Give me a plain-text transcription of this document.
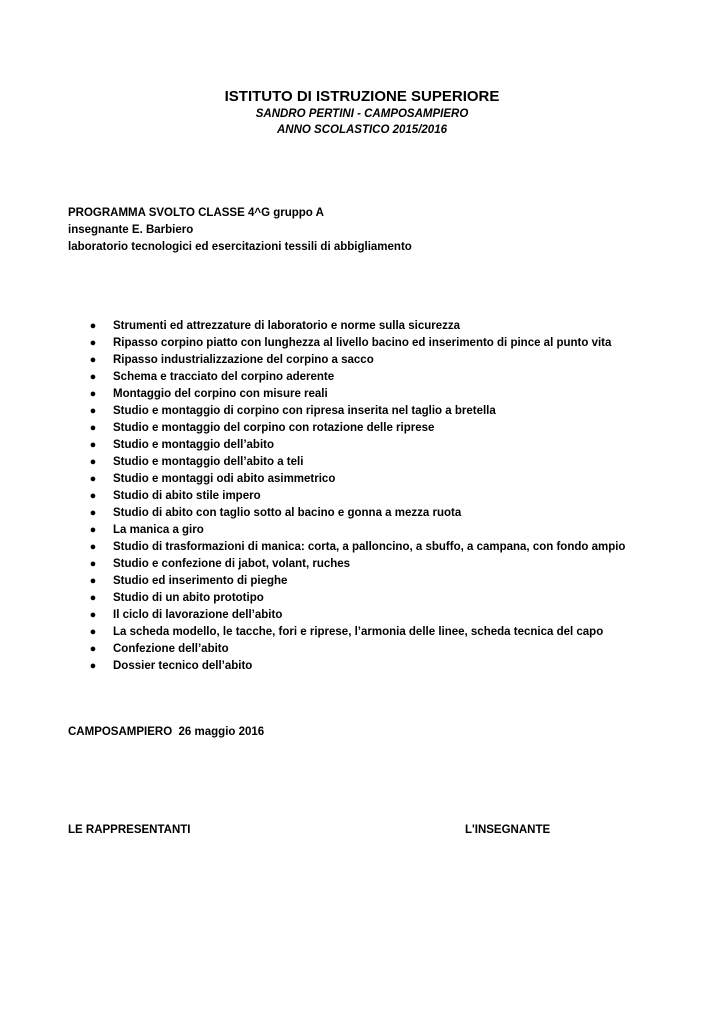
ISTITUTO DI ISTRUZIONE SUPERIORE
SANDRO PERTINI - CAMPOSAMPIERO
ANNO SCOLASTICO 2015/2016
PROGRAMMA SVOLTO CLASSE 4^G gruppo A
insegnante E. Barbiero
laboratorio tecnologici ed esercitazioni tessili di abbigliamento
● Strumenti ed attrezzature di laboratorio e norme sulla sicurezza
● Ripasso corpino piatto con lunghezza al livello bacino ed inserimento di pince al punto vita
● Ripasso industrializzazione del corpino a sacco
● Schema e tracciato del corpino aderente
● Montaggio del corpino con misure reali
● Studio e montaggio di corpino con ripresa inserita nel taglio a bretella
● Studio e montaggio del corpino con rotazione delle riprese
● Studio e montaggio dell’abito
● Studio e montaggio dell’abito a teli
● Studio e montaggi odi abito asimmetrico
● Studio di abito stile impero
● Studio di abito con taglio sotto al bacino e gonna a mezza ruota
● La manica a giro
● Studio di trasformazioni di manica: corta, a palloncino, a sbuffo, a campana, con fondo ampio
● Studio e confezione di jabot, volant, ruches
● Studio ed inserimento di pieghe
● Studio di un abito prototipo
● Il ciclo di lavorazione dell’abito
● La scheda modello, le tacche, fori e riprese, l’armonia delle linee, scheda tecnica del capo
● Confezione dell’abito
● Dossier tecnico dell’abito
CAMPOSAMPIERO  26 maggio 2016
LE RAPPRESENTANTI	L'INSEGNANTE
